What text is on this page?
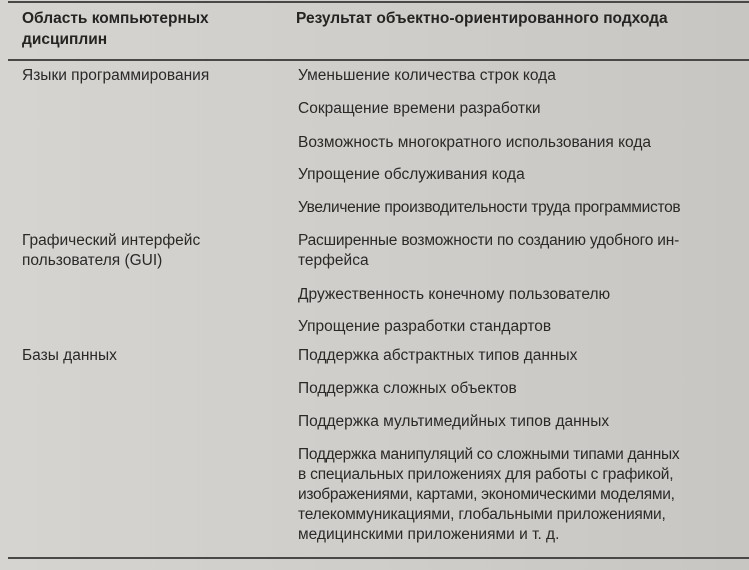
Область компьютерных
дисциплин
Результат объектно-ориентированного подхода
Языки программирования
Графический интерфейс
пользователя (GUI)
Базы данных
Уменьшение количества строк кода
Сокращение времени разработки
Возможность многократного использования кода
Упрощение обслуживания кода
Увеличение производительности труда программистов
Расширенные возможности по созданию удобного ин-
терфейса
Дружественность конечному пользователю
Упрощение разработки стандартов
Поддержка абстрактных типов данных
Поддержка сложных объектов
Поддержка мультимедийных типов данных
Поддержка манипуляций со сложными типами данных
в специальных приложениях для работы с графикой,
изображениями, картами, экономическими моделями,
телекоммуникациями, глобальными приложениями,
медицинскими приложениями и т. д.
